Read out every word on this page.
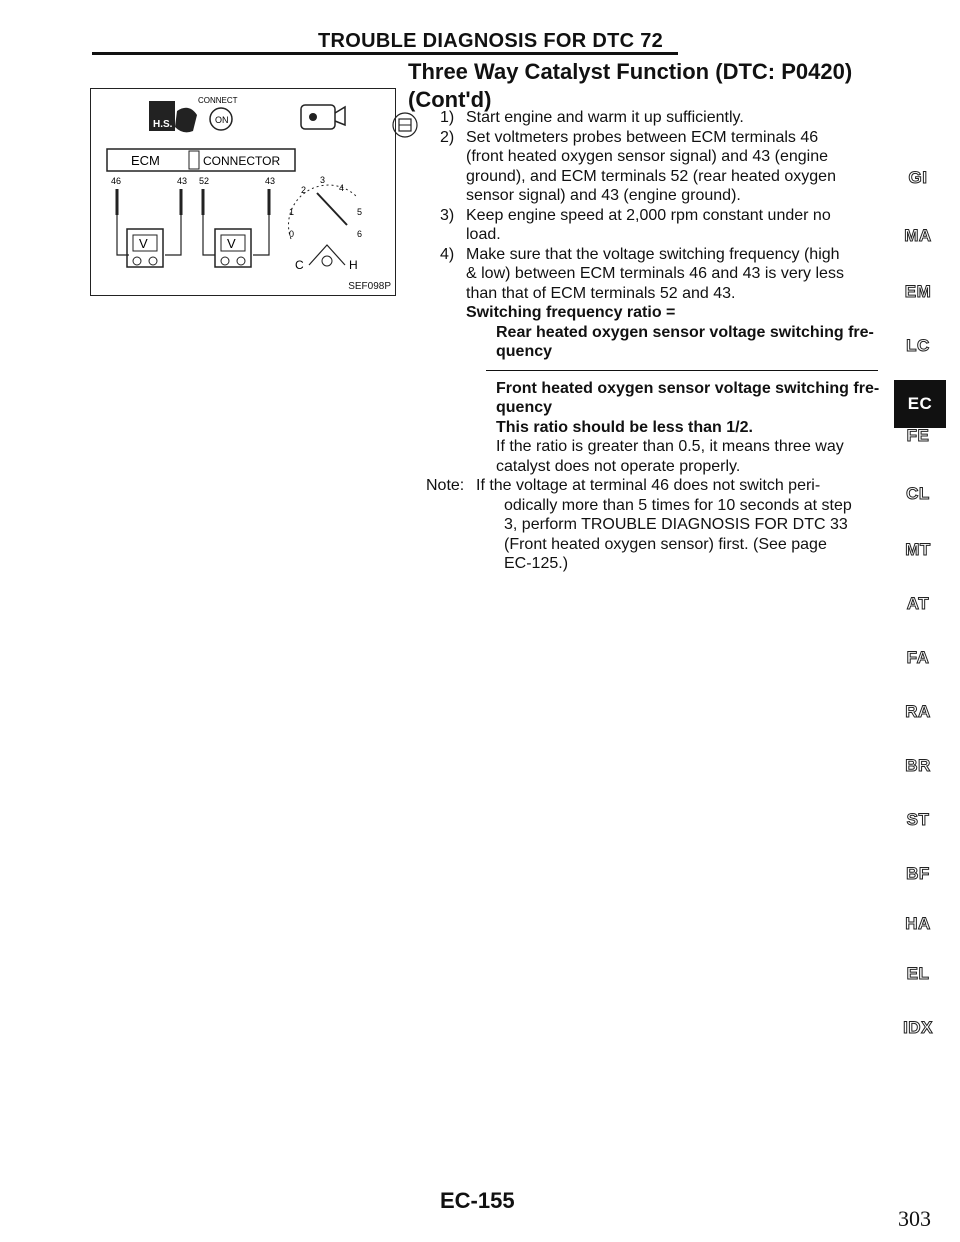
TROUBLE DIAGNOSIS FOR DTC 72
Three Way Catalyst Function (DTC: P0420)
(Cont'd)
H.S.
CONNECT
ON
ECM	CONNECTOR
46	43 52	43
V	V
0
1
2
3
4
5
6
C	H
SEF098P
1) Start engine and warm it up sufficiently.
2) Set voltmeters probes between ECM terminals 46
(front heated oxygen sensor signal) and 43 (engine
ground), and ECM terminals 52 (rear heated oxygen
sensor signal) and 43 (engine ground).
3) Keep engine speed at 2,000 rpm constant under no
load.
4) Make sure that the voltage switching frequency (high
& low) between ECM terminals 46 and 43 is very less
than that of ECM terminals 52 and 43.
Switching frequency ratio =
Rear heated oxygen sensor voltage switching fre-
quency
Front heated oxygen sensor voltage switching fre-
quency
This ratio should be less than 1/2.
If the ratio is greater than 0.5, it means three way
catalyst does not operate properly.
Note: If the voltage at terminal 46 does not switch peri-
odically more than 5 times for 10 seconds at step
3, perform TROUBLE DIAGNOSIS FOR DTC 33
(Front heated oxygen sensor) first. (See page
EC-125.)
GI
MA
EM
LC
EC
FE
CL
MT
AT
FA
RA
BR
ST
BF
HA
EL
IDX
EC-155
303
